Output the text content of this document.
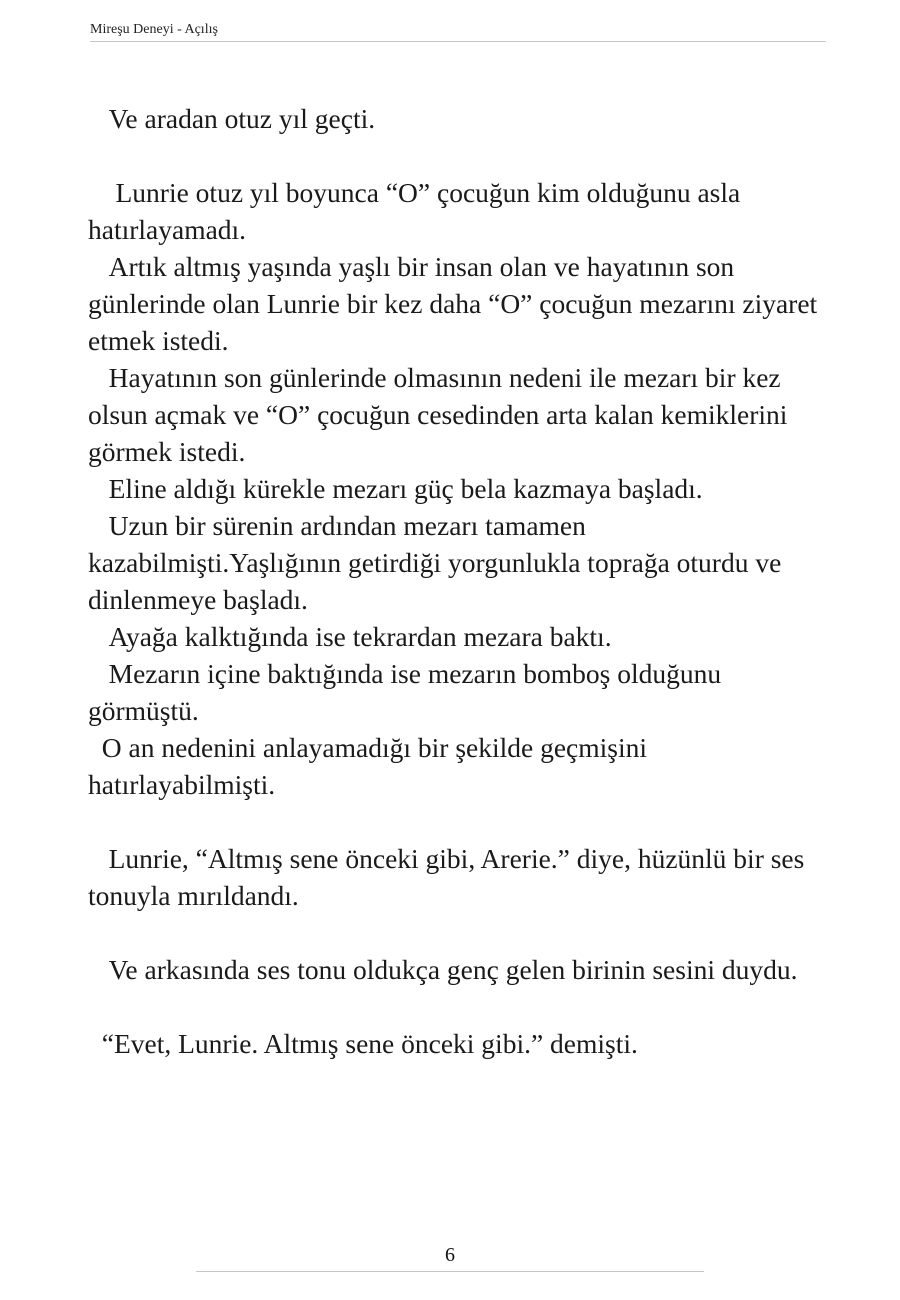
Mireşu Deneyi - Açılış

Ve aradan otuz yıl geçti.

Lunrie otuz yıl boyunca “O” çocuğun kim olduğunu asla hatırlayamadı.

Artık altmış yaşında yaşlı bir insan olan ve hayatının son günlerinde olan Lunrie bir kez daha “O” çocuğun mezarını ziyaret etmek istedi.

Hayatının son günlerinde olmasının nedeni ile mezarı bir kez olsun açmak ve “O” çocuğun cesedinden arta kalan kemiklerini görmek istedi.

Eline aldığı kürekle mezarı güç bela kazmaya başladı.

Uzun bir sürenin ardından mezarı tamamen kazabilmişti.Yaşlığının getirdiği yorgunlukla toprağa oturdu ve dinlenmeye başladı.

Ayağa kalktığında ise tekrardan mezara baktı.

Mezarın içine baktığında ise mezarın bomboş olduğunu görmüştü.

O an nedenini anlayamadığı bir şekilde geçmişini hatırlayabilmişti.

Lunrie, “Altmış sene önceki gibi, Arerie.” diye, hüzünlü bir ses tonuyla mırıldandı.

Ve arkasında ses tonu oldukça genç gelen birinin sesini duydu.

“Evet, Lunrie. Altmış sene önceki gibi.” demişti.

6
